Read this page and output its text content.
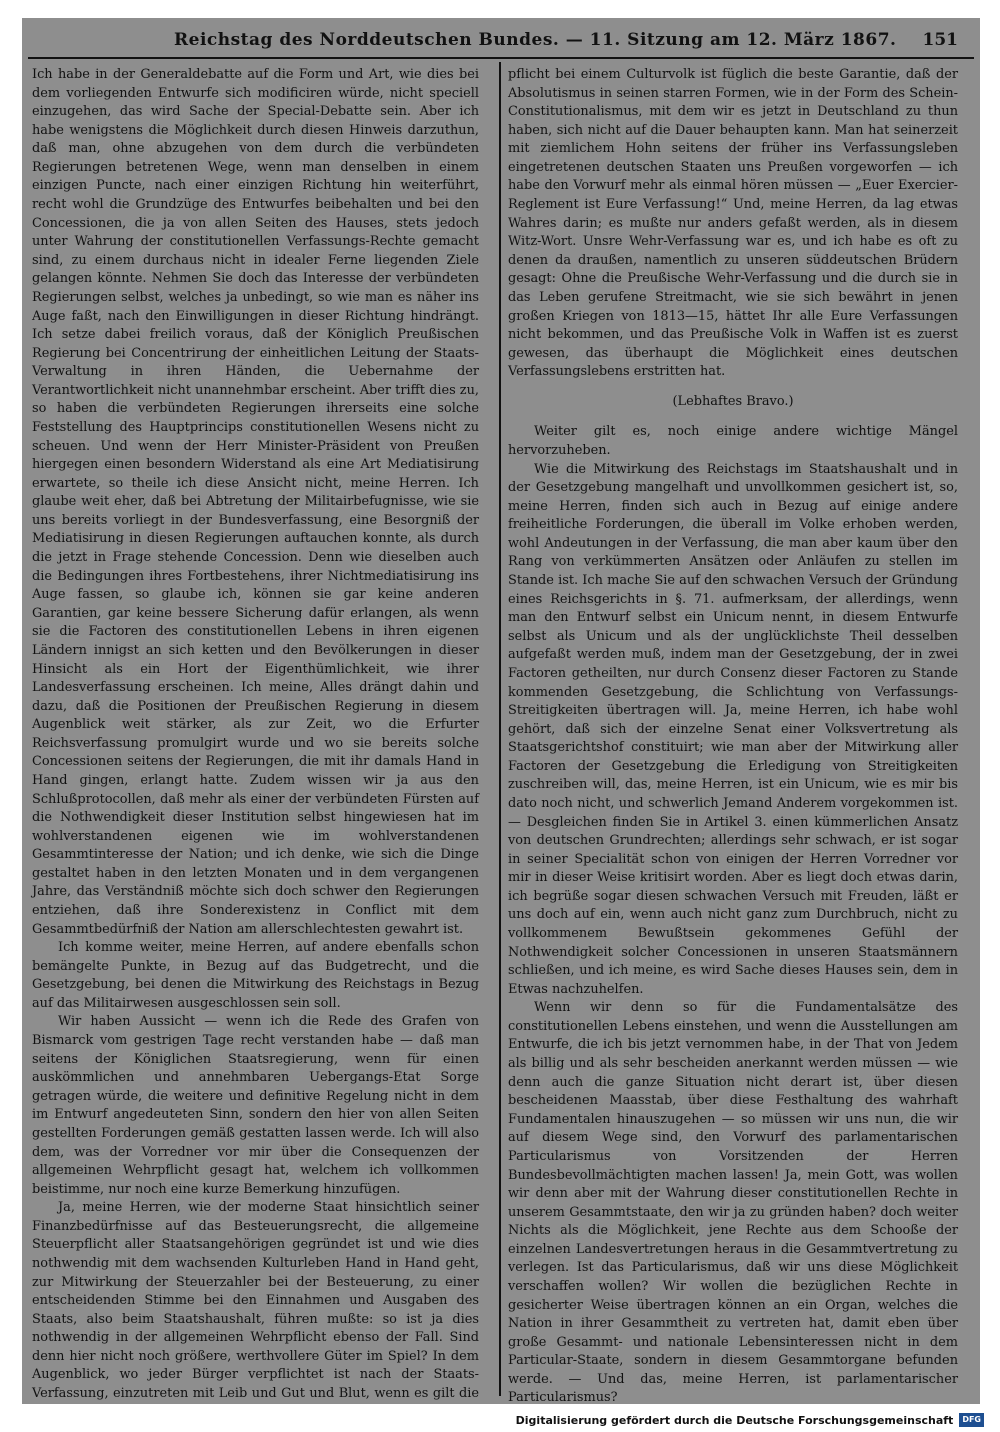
Reichstag des Norddeutschen Bundes. — 11. Sitzung am 12. März 1867. 151

Ich habe in der Generaldebatte auf die Form und Art, wie dies bei dem vorliegenden Entwurfe sich modificiren würde, nicht speciell einzugehen, das wird Sache der Special-Debatte sein. Aber ich habe wenigstens die Möglichkeit durch diesen Hinweis darzuthun, daß man, ohne abzugehen von dem durch die verbündeten Regierungen betretenen Wege, wenn man denselben in einem einzigen Puncte, nach einer einzigen Richtung hin weiterführt, recht wohl die Grundzüge des Entwurfes beibehalten und bei den Concessionen, die ja von allen Seiten des Hauses, stets jedoch unter Wahrung der constitutionellen Verfassungs-Rechte gemacht sind, zu einem durchaus nicht in idealer Ferne liegenden Ziele gelangen könnte. Nehmen Sie doch das Interesse der verbündeten Regierungen selbst, welches ja unbedingt, so wie man es näher ins Auge faßt, nach den Einwilligungen in dieser Richtung hindrängt. Ich setze dabei freilich voraus, daß der Königlich Preußischen Regierung bei Concentrirung der einheitlichen Leitung der Staats-Verwaltung in ihren Händen, die Uebernahme der Verantwortlichkeit nicht unannehmbar erscheint. Aber trifft dies zu, so haben die verbündeten Regierungen ihrerseits eine solche Feststellung des Hauptprincips constitutionellen Wesens nicht zu scheuen. Und wenn der Herr Minister-Präsident von Preußen hiergegen einen besondern Widerstand als eine Art Mediatisirung erwartete, so theile ich diese Ansicht nicht, meine Herren. Ich glaube weit eher, daß bei Abtretung der Militairbefugnisse, wie sie uns bereits vorliegt in der Bundesverfassung, eine Besorgniß der Mediatisirung in diesen Regierungen auftauchen konnte, als durch die jetzt in Frage stehende Concession. Denn wie dieselben auch die Bedingungen ihres Fortbestehens, ihrer Nichtmediatisirung ins Auge fassen, so glaube ich, können sie gar keine anderen Garantien, gar keine bessere Sicherung dafür erlangen, als wenn sie die Factoren des constitutionellen Lebens in ihren eigenen Ländern innigst an sich ketten und den Bevölkerungen in dieser Hinsicht als ein Hort der Eigenthümlichkeit, wie ihrer Landesverfassung erscheinen. Ich meine, Alles drängt dahin und dazu, daß die Positionen der Preußischen Regierung in diesem Augenblick weit stärker, als zur Zeit, wo die Erfurter Reichsverfassung promulgirt wurde und wo sie bereits solche Concessionen seitens der Regierungen, die mit ihr damals Hand in Hand gingen, erlangt hatte. Zudem wissen wir ja aus den Schlußprotocollen, daß mehr als einer der verbündeten Fürsten auf die Nothwendigkeit dieser Institution selbst hingewiesen hat im wohlverstandenen eigenen wie im wohlverstandenen Gesammtinteresse der Nation; und ich denke, wie sich die Dinge gestaltet haben in den letzten Monaten und in dem vergangenen Jahre, das Verständniß möchte sich doch schwer den Regierungen entziehen, daß ihre Sonderexistenz in Conflict mit dem Gesammtbedürfniß der Nation am allerschlechtesten gewahrt ist.

Ich komme weiter, meine Herren, auf andere ebenfalls schon bemängelte Punkte, in Bezug auf das Budgetrecht, und die Gesetzgebung, bei denen die Mitwirkung des Reichstags in Bezug auf das Militairwesen ausgeschlossen sein soll.

Wir haben Aussicht — wenn ich die Rede des Grafen von Bismarck vom gestrigen Tage recht verstanden habe — daß man seitens der Königlichen Staatsregierung, wenn für einen auskömmlichen und annehmbaren Uebergangs-Etat Sorge getragen würde, die weitere und definitive Regelung nicht in dem im Entwurf angedeuteten Sinn, sondern den hier von allen Seiten gestellten Forderungen gemäß gestatten lassen werde. Ich will also dem, was der Vorredner vor mir über die Consequenzen der allgemeinen Wehrpflicht gesagt hat, welchem ich vollkommen beistimme, nur noch eine kurze Bemerkung hinzufügen.

Ja, meine Herren, wie der moderne Staat hinsichtlich seiner Finanzbedürfnisse auf das Besteuerungsrecht, die allgemeine Steuerpflicht aller Staatsangehörigen gegründet ist und wie dies nothwendig mit dem wachsenden Kulturleben Hand in Hand geht, zur Mitwirkung der Steuerzahler bei der Besteuerung, zu einer entscheidenden Stimme bei den Einnahmen und Ausgaben des Staats, also beim Staatshaushalt, führen mußte: so ist ja dies nothwendig in der allgemeinen Wehrpflicht ebenso der Fall. Sind denn hier nicht noch größere, werthvollere Güter im Spiel? In dem Augenblick, wo jeder Bürger verpflichtet ist nach der Staats-Verfassung, einzutreten mit Leib und Gut und Blut, wenn es gilt die

pflicht bei einem Culturvolk ist füglich die beste Garantie, daß der Absolutismus in seinen starren Formen, wie in der Form des Schein-Constitutionalismus, mit dem wir es jetzt in Deutschland zu thun haben, sich nicht auf die Dauer behaupten kann. Man hat seinerzeit mit ziemlichem Hohn seitens der früher ins Verfassungsleben eingetretenen deutschen Staaten uns Preußen vorgeworfen — ich habe den Vorwurf mehr als einmal hören müssen — „Euer Exercier-Reglement ist Eure Verfassung!“ Und, meine Herren, da lag etwas Wahres darin; es mußte nur anders gefaßt werden, als in diesem Witz-Wort. Unsre Wehr-Verfassung war es, und ich habe es oft zu denen da draußen, namentlich zu unseren süddeutschen Brüdern gesagt: Ohne die Preußische Wehr-Verfassung und die durch sie in das Leben gerufene Streitmacht, wie sie sich bewährt in jenen großen Kriegen von 1813—15, hättet Ihr alle Eure Verfassungen nicht bekommen, und das Preußische Volk in Waffen ist es zuerst gewesen, das überhaupt die Möglichkeit eines deutschen Verfassungslebens erstritten hat.

(Lebhaftes Bravo.)

Weiter gilt es, noch einige andere wichtige Mängel hervorzuheben.

Wie die Mitwirkung des Reichstags im Staatshaushalt und in der Gesetzgebung mangelhaft und unvollkommen gesichert ist, so, meine Herren, finden sich auch in Bezug auf einige andere freiheitliche Forderungen, die überall im Volke erhoben werden, wohl Andeutungen in der Verfassung, die man aber kaum über den Rang von verkümmerten Ansätzen oder Anläufen zu stellen im Stande ist. Ich mache Sie auf den schwachen Versuch der Gründung eines Reichsgerichts in §. 71. aufmerksam, der allerdings, wenn man den Entwurf selbst ein Unicum nennt, in diesem Entwurfe selbst als Unicum und als der unglücklichste Theil desselben aufgefaßt werden muß, indem man der Gesetzgebung, der in zwei Factoren getheilten, nur durch Consenz dieser Factoren zu Stande kommenden Gesetzgebung, die Schlichtung von Verfassungs-Streitigkeiten übertragen will. Ja, meine Herren, ich habe wohl gehört, daß sich der einzelne Senat einer Volksvertretung als Staatsgerichtshof constituirt; wie man aber der Mitwirkung aller Factoren der Gesetzgebung die Erledigung von Streitigkeiten zuschreiben will, das, meine Herren, ist ein Unicum, wie es mir bis dato noch nicht, und schwerlich Jemand Anderem vorgekommen ist. — Desgleichen finden Sie in Artikel 3. einen kümmerlichen Ansatz von deutschen Grundrechten; allerdings sehr schwach, er ist sogar in seiner Specialität schon von einigen der Herren Vorredner vor mir in dieser Weise kritisirt worden. Aber es liegt doch etwas darin, ich begrüße sogar diesen schwachen Versuch mit Freuden, läßt er uns doch auf ein, wenn auch nicht ganz zum Durchbruch, nicht zu vollkommenem Bewußtsein gekommenes Gefühl der Nothwendigkeit solcher Concessionen in unseren Staatsmännern schließen, und ich meine, es wird Sache dieses Hauses sein, dem in Etwas nachzuhelfen.

Wenn wir denn so für die Fundamentalsätze des constitutionellen Lebens einstehen, und wenn die Ausstellungen am Entwurfe, die ich bis jetzt vernommen habe, in der That von Jedem als billig und als sehr bescheiden anerkannt werden müssen — wie denn auch die ganze Situation nicht derart ist, über diesen bescheidenen Maasstab, über diese Festhaltung des wahrhaft Fundamentalen hinauszugehen — so müssen wir uns nun, die wir auf diesem Wege sind, den Vorwurf des parlamentarischen Particularismus von Vorsitzenden der Herren Bundesbevollmächtigten machen lassen! Ja, mein Gott, was wollen wir denn aber mit der Wahrung dieser constitutionellen Rechte in unserem Gesammtstaate, den wir ja zu gründen haben? doch weiter Nichts als die Möglichkeit, jene Rechte aus dem Schooße der einzelnen Landesvertretungen heraus in die Gesammtvertretung zu verlegen. Ist das Particularismus, daß wir uns diese Möglichkeit verschaffen wollen? Wir wollen die bezüglichen Rechte in gesicherter Weise übertragen können an ein Organ, welches die Nation in ihrer Gesammtheit zu vertreten hat, damit eben über große Gesammt- und nationale Lebensinteressen nicht in dem Particular-Staate, sondern in diesem Gesammtorgane befunden werde. — Und das, meine Herren, ist parlamentarischer Particularismus?

Digitalisierung gefördert durch die Deutsche Forschungsgemeinschaft	DFG
